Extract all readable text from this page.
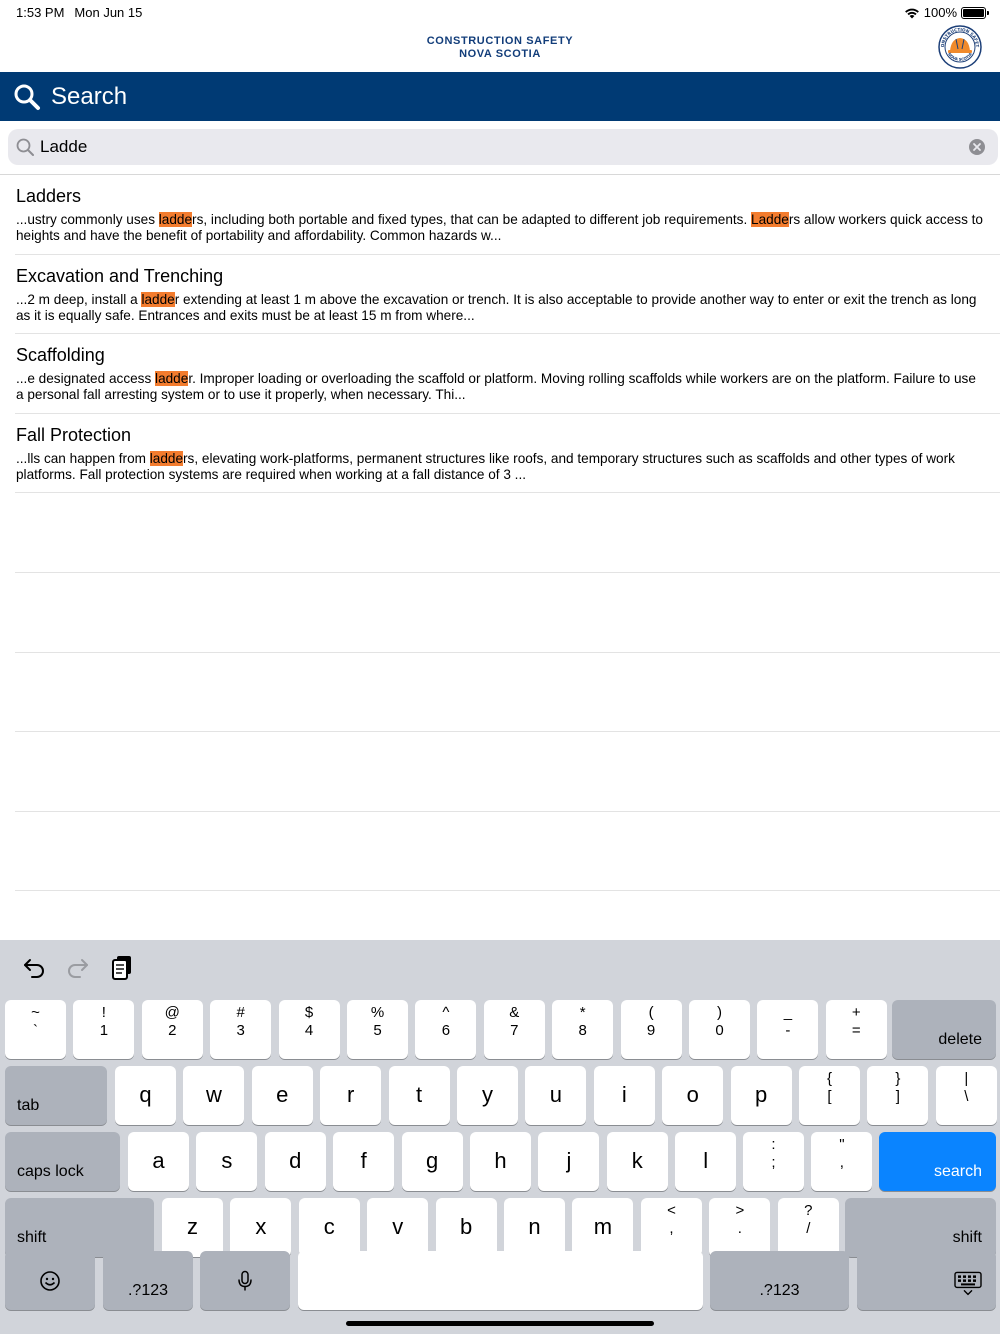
1:53 PM Mon Jun 15	100%
CONSTRUCTION SAFETY
NOVA SCOTIA
ONSTRUCTION SAFET
NOVA SCOTIA
Search
Ladde
Ladders
...ustry commonly uses ladders, including both portable and fixed types, that can be adapted to different job requirements. Ladders allow workers quick access to heights and have the benefit of portability and affordability. Common hazards w...
Excavation and Trenching
...2 m deep, install a ladder extending at least 1 m above the excavation or trench. It is also acceptable to provide another way to enter or exit the trench as long as it is equally safe. Entrances and exits must be at least 15 m from where...
Scaffolding
...e designated access ladder. Improper loading or overloading the scaffold or platform. Moving rolling scaffolds while workers are on the platform. Failure to use a personal fall arresting system or to use it properly, when necessary. Thi...
Fall Protection
...lls can happen from ladders, elevating work-platforms, permanent structures like roofs, and temporary structures such as scaffolds and other types of work platforms. Fall protection systems are required when working at a fall distance of 3 ...
~
`
!
1
@
2
#
3
$
4
%
5
^
6
&
7
*
8
(
9
)
0
_
-
+
=
delete
tab	q	w	e	r	t	y	u	i	o	p
{
[
}
]
|
\
caps lock	a	s	d	f	g	h	j	k	l
:
;
"
,
search
shift	z	x	c	v	b	n	m
<
,
>
.
?
/
shift
.?123	.?123
